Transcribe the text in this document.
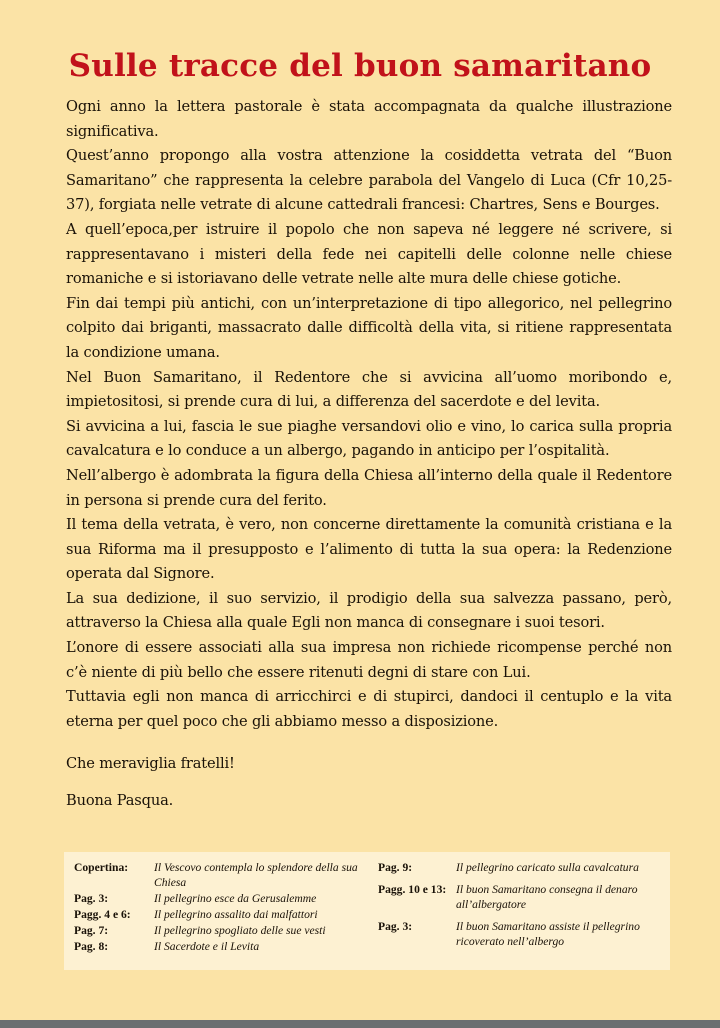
Sulle tracce del buon samaritano

Ogni anno la lettera pastorale è stata accompagnata da qualche illustrazione significativa.

Quest’anno propongo alla vostra attenzione la cosiddetta vetrata del “Buon Samaritano” che rappresenta la celebre parabola del Vangelo di Luca (Cfr 10,25-37), forgiata nelle vetrate di alcune cattedrali francesi: Chartres, Sens e Bourges.

A quell’epoca,per istruire il popolo che non sapeva né leggere né scrivere, si rappresentavano i misteri della fede nei capitelli delle colonne nelle chiese romaniche e si istoriavano delle vetrate nelle alte mura delle chiese gotiche.

Fin dai tempi più antichi, con un’interpretazione di tipo allegorico, nel pellegrino colpito dai briganti, massacrato dalle difficoltà della vita, si ritiene rappresentata la condizione umana.

Nel Buon Samaritano, il Redentore che si avvicina all’uomo moribondo e, impietositosi, si prende cura di lui, a differenza del sacerdote e del levita.

Si avvicina a lui, fascia le sue piaghe versandovi olio e vino, lo carica sulla propria cavalcatura e lo conduce a un albergo, pagando in anticipo per l’ospitalità.

Nell’albergo è adombrata la figura della Chiesa all’interno della quale il Redentore in persona si prende cura del ferito.

Il tema della vetrata, è vero, non concerne direttamente la comunità cristiana e la sua Riforma ma il presupposto e l’alimento di tutta la sua opera: la Redenzione operata dal Signore.

La sua dedizione, il suo servizio, il prodigio della sua salvezza passano, però, attraverso la Chiesa alla quale Egli non manca di consegnare i suoi tesori.

L’onore di essere associati alla sua impresa non richiede ricompense perché non c’è niente di più bello che essere ritenuti degni di stare con Lui.

Tuttavia egli non manca di arricchirci e di stupirci, dandoci il centuplo e la vita eterna per quel poco che gli abbiamo messo a disposizione.

Che meraviglia fratelli!

Buona Pasqua.

Copertina:	Il Vescovo contempla lo splendore della sua Chiesa
Pag. 3:	Il pellegrino esce da Gerusalemme
Pagg. 4 e 6:	Il pellegrino assalito dai malfattori
Pag. 7:	Il pellegrino spogliato delle sue vesti
Pag. 8:	Il Sacerdote e il Levita
Pag. 9:	Il pellegrino caricato sulla cavalcatura
Pagg. 10 e 13: Il buon Samaritano consegna il denaro all’albergatore
Pag. 3:	Il buon Samaritano assiste il pellegrino ricoverato nell’albergo
